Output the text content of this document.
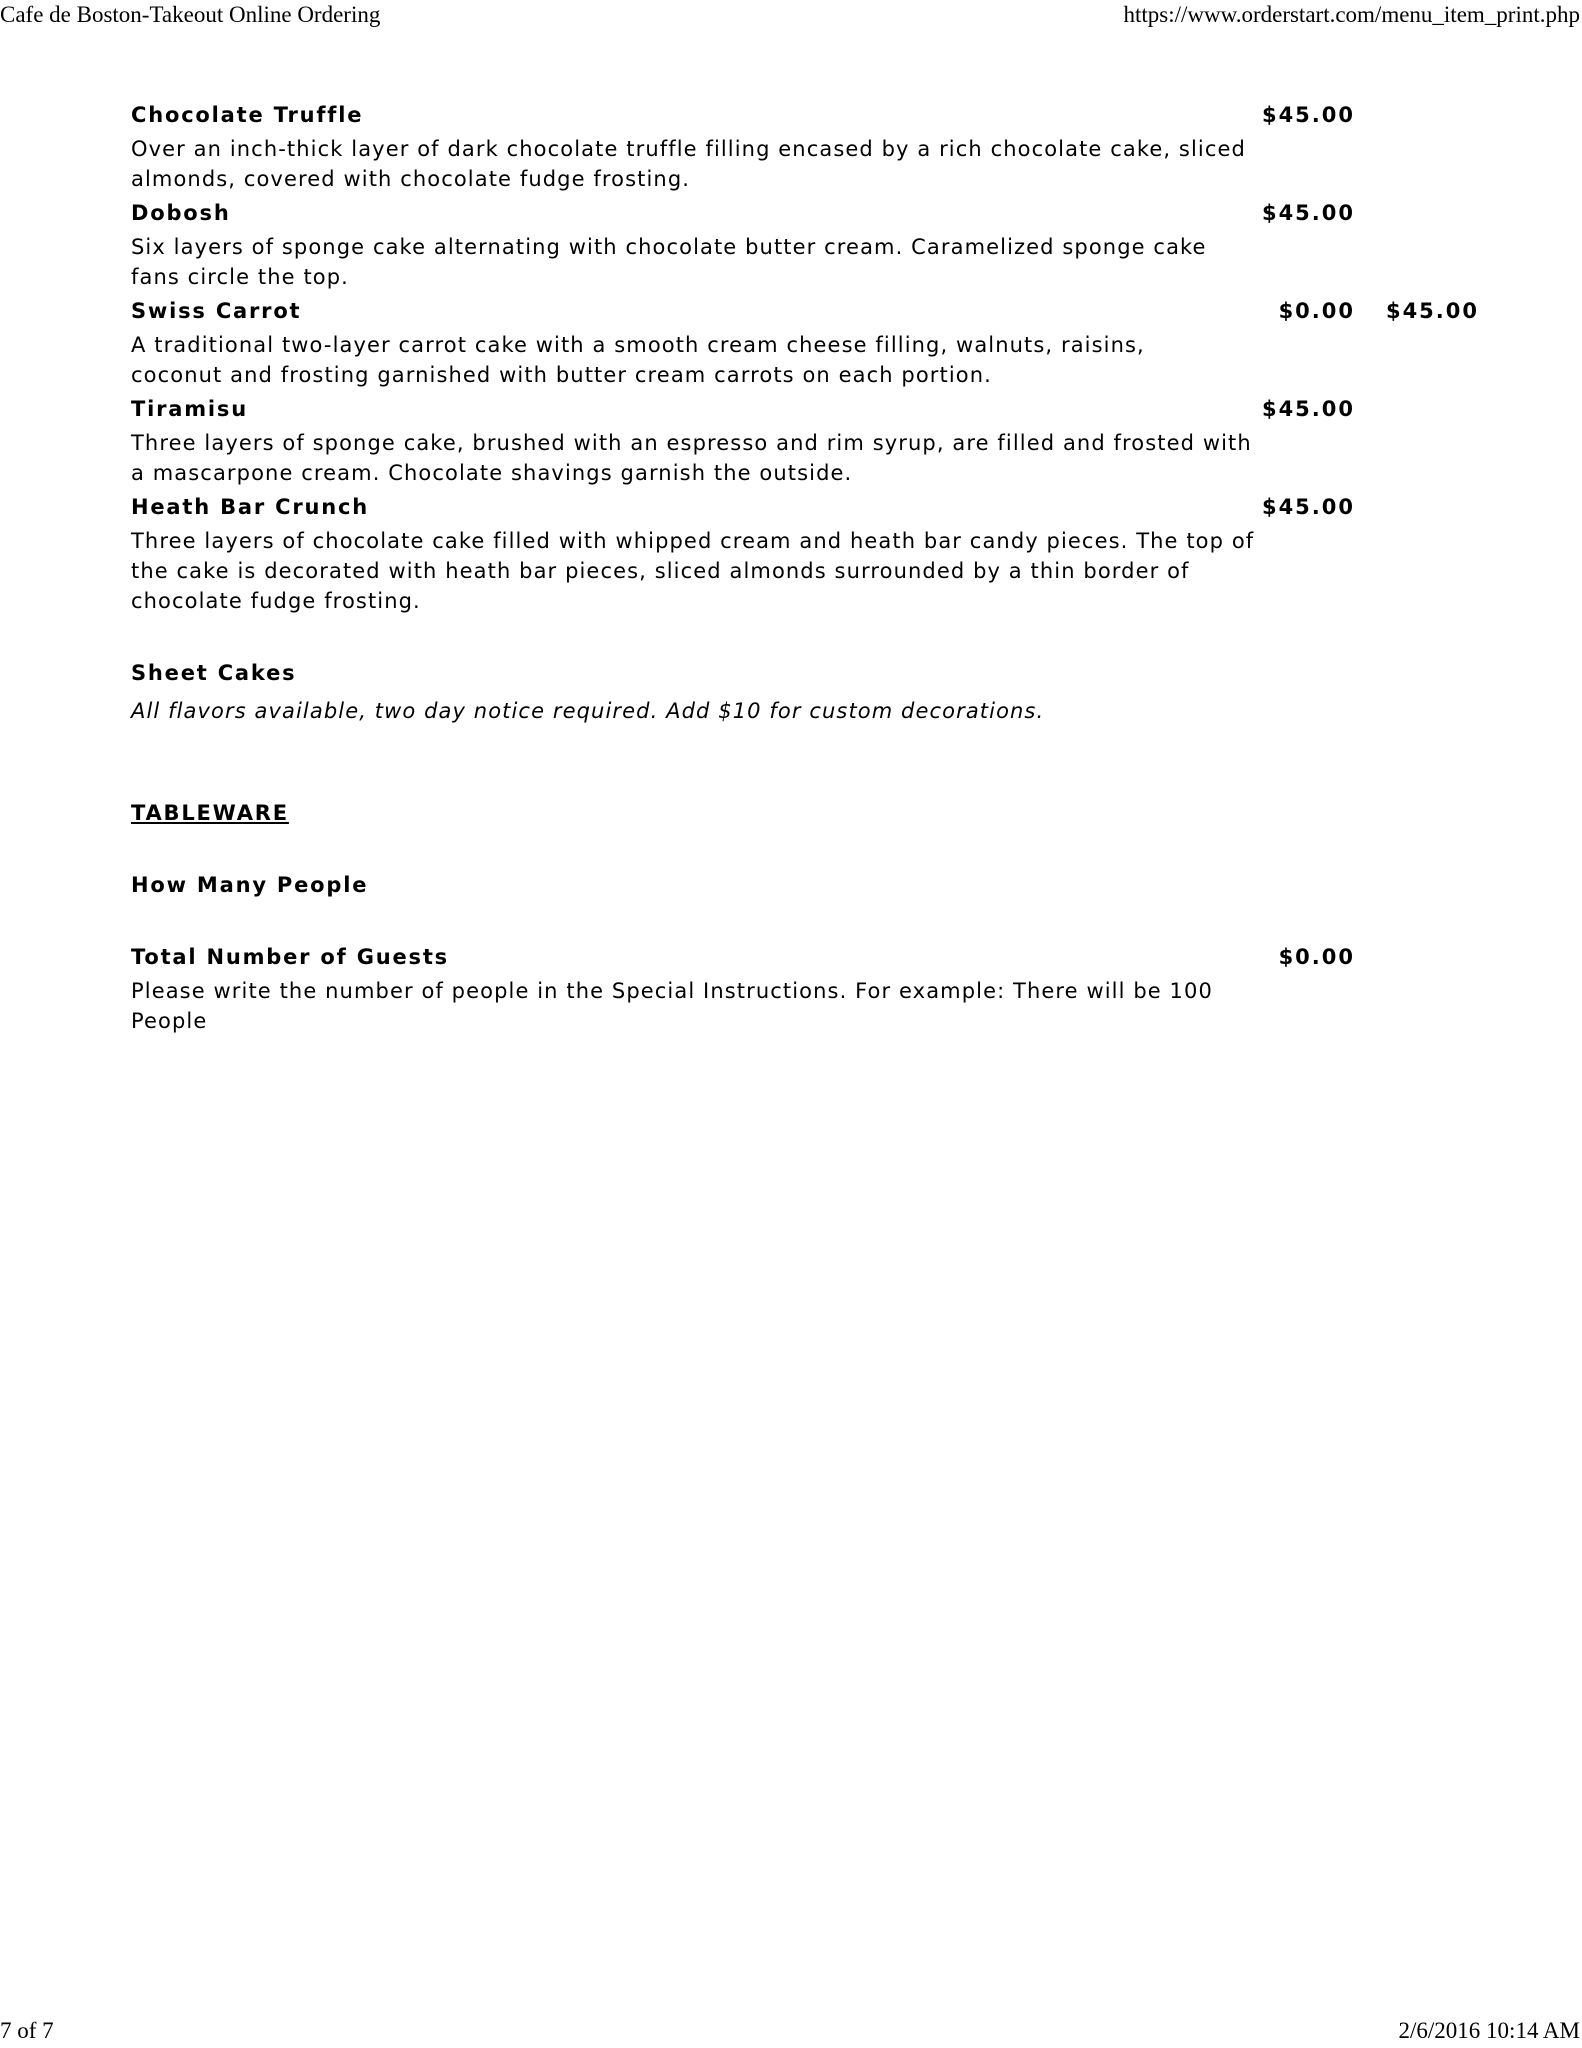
Cafe de Boston-Takeout Online Ordering	https://www.orderstart.com/menu_item_print.php
Chocolate Truffle	$45.00
Over an inch-thick layer of dark chocolate truffle filling encased by a rich chocolate cake, sliced almonds, covered with chocolate fudge frosting.
Dobosh	$45.00
Six layers of sponge cake alternating with chocolate butter cream. Caramelized sponge cake fans circle the top.
Swiss Carrot	$0.00	$45.00
A traditional two-layer carrot cake with a smooth cream cheese filling, walnuts, raisins, coconut and frosting garnished with butter cream carrots on each portion.
Tiramisu	$45.00
Three layers of sponge cake, brushed with an espresso and rim syrup, are filled and frosted with a mascarpone cream. Chocolate shavings garnish the outside.
Heath Bar Crunch	$45.00
Three layers of chocolate cake filled with whipped cream and heath bar candy pieces. The top of the cake is decorated with heath bar pieces, sliced almonds surrounded by a thin border of chocolate fudge frosting.
Sheet Cakes
All flavors available, two day notice required. Add $10 for custom decorations.
TABLEWARE
How Many People
Total Number of Guests	$0.00
Please write the number of people in the Special Instructions. For example: There will be 100 People
7 of 7	2/6/2016 10:14 AM
